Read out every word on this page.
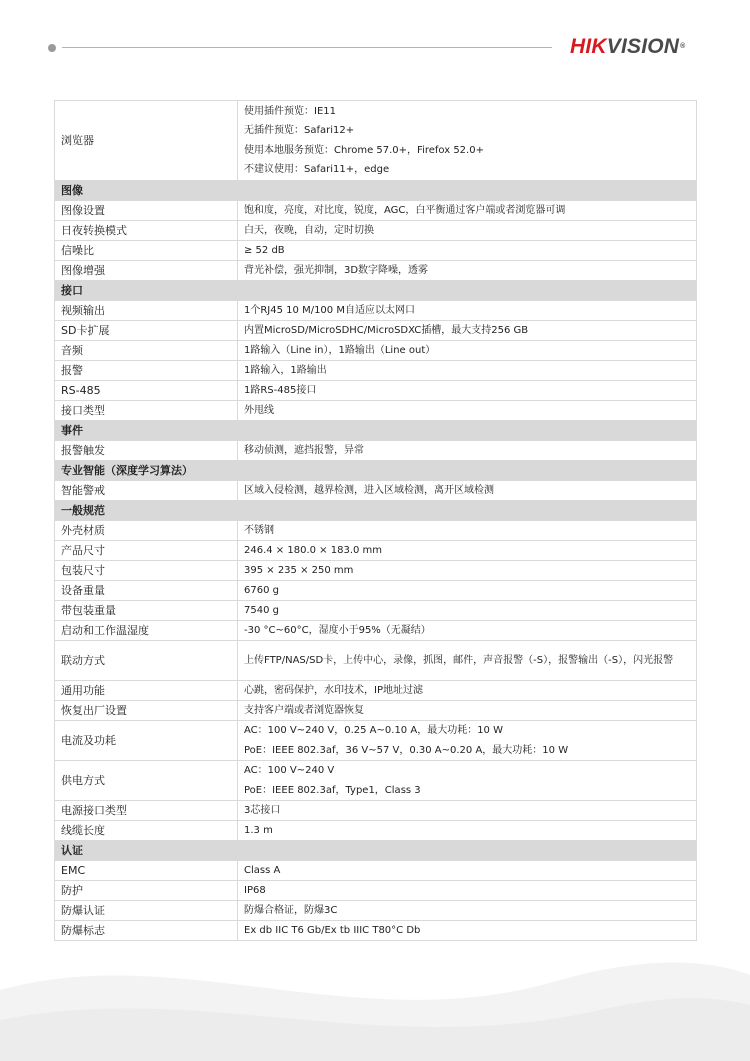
HIKVISION®
浏览器	使用插件预览：IE11
无插件预览：Safari12+
使用本地服务预览：Chrome 57.0+，Firefox 52.0+
不建议使用：Safari11+，edge

图像	
图像设置	饱和度，亮度，对比度，锐度，AGC，白平衡通过客户端或者浏览器可调
日夜转换模式	白天，夜晚，自动，定时切换
信噪比	≥ 52 dB
图像增强	背光补偿，强光抑制，3D数字降噪，透雾
接口	
视频输出	1个RJ45 10 M/100 M自适应以太网口
SD卡扩展	内置MicroSD/MicroSDHC/MicroSDXC插槽，最大支持256 GB
音频	1路输入（Line in），1路输出（Line out）
报警	1路输入，1路输出
RS-485	1路RS-485接口
接口类型	外甩线
事件	
报警触发	移动侦测，遮挡报警，异常
专业智能（深度学习算法）	
智能警戒	区域入侵检测，越界检测，进入区域检测，离开区域检测
一般规范	
外壳材质	不锈钢
产品尺寸	246.4 × 180.0 × 183.0 mm
包装尺寸	395 × 235 × 250 mm
设备重量	6760 g
带包装重量	7540 g
启动和工作温湿度	-30 °C~60°C，湿度小于95%（无凝结）
联动方式	上传FTP/NAS/SD卡，上传中心，录像，抓图，邮件，声音报警（-S），报警输出（-S），闪光报警
通用功能	心跳，密码保护，水印技术，IP地址过滤
恢复出厂设置	支持客户端或者浏览器恢复
电流及功耗	AC：100 V~240 V，0.25 A~0.10 A，最大功耗：10 W
PoE：IEEE 802.3af，36 V~57 V，0.30 A~0.20 A，最大功耗：10 W

供电方式	AC：100 V~240 V
PoE：IEEE 802.3af，Type1，Class 3

电源接口类型	3芯接口
线缆长度	1.3 m
认证	
EMC	Class A
防护	IP68
防爆认证	防爆合格证，防爆3C
防爆标志	Ex db IIC T6 Gb/Ex tb IIIC T80°C Db
